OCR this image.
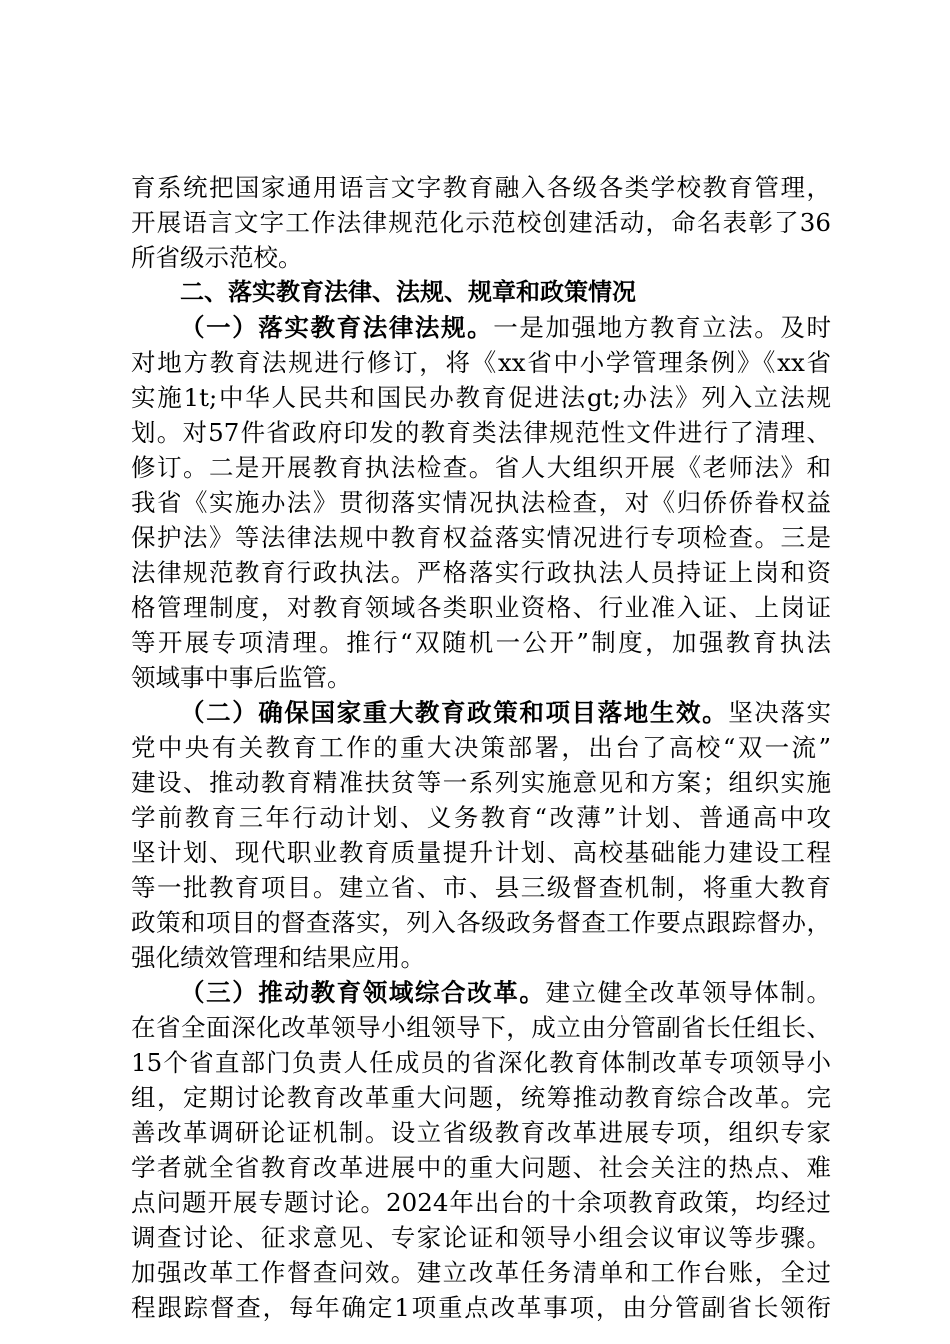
育系统把国家通用语言文字教育融入各级各类学校教育管理，
开展语言文字工作法律规范化示范校创建活动，命名表彰了36
所省级示范校。
二、落实教育法律、法规、规章和政策情况
（一）落实教育法律法规。一是加强地方教育立法。及时
对地方教育法规进行修订，将《xx省中小学管理条例》《xx省
实施1t;中华人民共和国民办教育促进法gt;办法》列入立法规
划。对57件省政府印发的教育类法律规范性文件进行了清理、
修订。二是开展教育执法检查。省人大组织开展《老师法》和
我省《实施办法》贯彻落实情况执法检查，对《归侨侨眷权益
保护法》等法律法规中教育权益落实情况进行专项检查。三是
法律规范教育行政执法。严格落实行政执法人员持证上岗和资
格管理制度，对教育领域各类职业资格、行业准入证、上岗证
等开展专项清理。推行“双随机一公开”制度，加强教育执法
领域事中事后监管。
（二）确保国家重大教育政策和项目落地生效。坚决落实
党中央有关教育工作的重大决策部署，出台了高校“双一流”
建设、推动教育精准扶贫等一系列实施意见和方案；组织实施
学前教育三年行动计划、义务教育“改薄”计划、普通高中攻
坚计划、现代职业教育质量提升计划、高校基础能力建设工程
等一批教育项目。建立省、市、县三级督查机制，将重大教育
政策和项目的督查落实，列入各级政务督查工作要点跟踪督办，
强化绩效管理和结果应用。
（三）推动教育领域综合改革。建立健全改革领导体制。
在省全面深化改革领导小组领导下，成立由分管副省长任组长、
15个省直部门负责人任成员的省深化教育体制改革专项领导小
组，定期讨论教育改革重大问题，统筹推动教育综合改革。完
善改革调研论证机制。设立省级教育改革进展专项，组织专家
学者就全省教育改革进展中的重大问题、社会关注的热点、难
点问题开展专题讨论。2024年出台的十余项教育政策，均经过
调查讨论、征求意见、专家论证和领导小组会议审议等步骤。
加强改革工作督查问效。建立改革任务清单和工作台账，全过
程跟踪督查，每年确定1项重点改革事项，由分管副省长领衔
